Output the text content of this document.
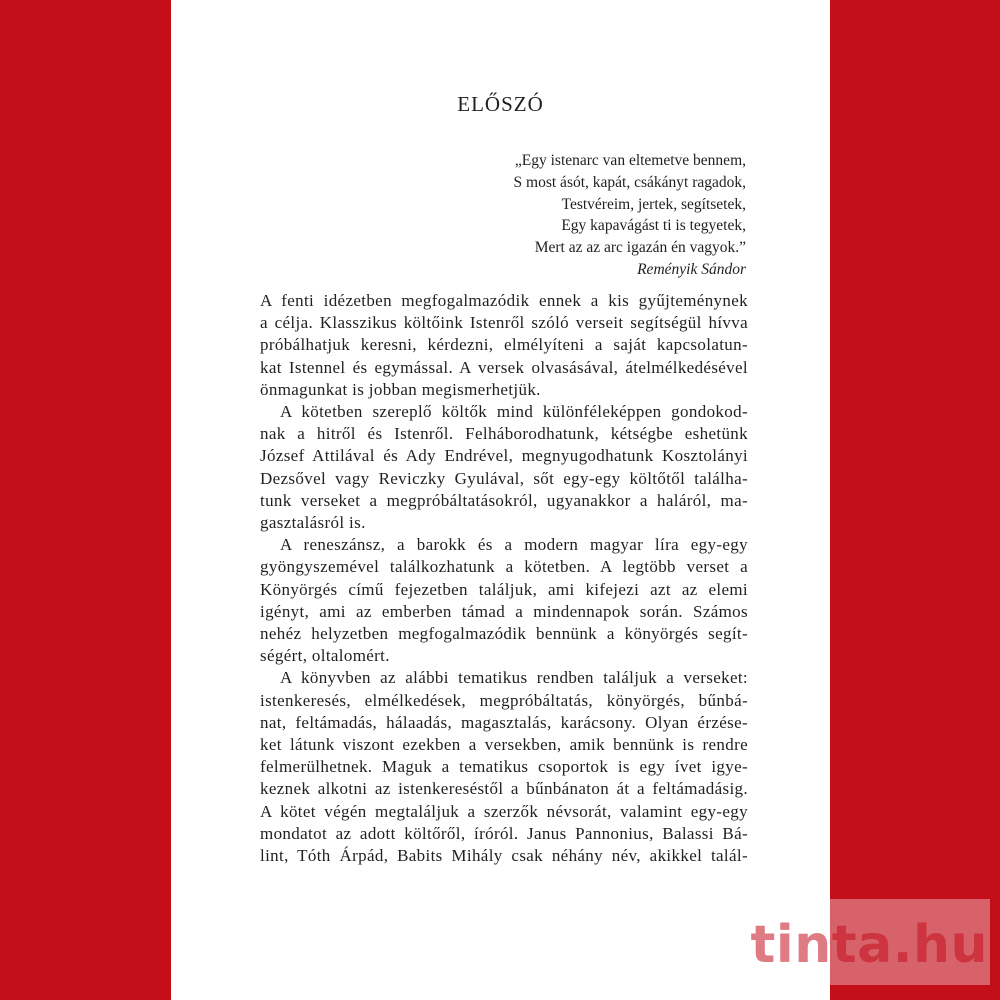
ELŐSZÓ
„Egy istenarc van eltemetve bennem,
S most ásót, kapát, csákányt ragadok,
Testvéreim, jertek, segítsetek,
Egy kapavágást ti is tegyetek,
Mert az az arc igazán én vagyok.”
Reményik Sándor
A fenti idézetben megfogalmazódik ennek a kis gyűjteménynek
a célja. Klasszikus költőink Istenről szóló verseit segítségül hívva
próbálhatjuk keresni, kérdezni, elmélyíteni a saját kapcsolatun-
kat Istennel és egymással. A versek olvasásával, átelmélkedésével
önmagunkat is jobban megismerhetjük.
A kötetben szereplő költők mind különféleképpen gondokod-
nak a hitről és Istenről. Felháborodhatunk, kétségbe eshetünk
József Attilával és Ady Endrével, megnyugodhatunk Kosztolányi
Dezsővel vagy Reviczky Gyulával, sőt egy-egy költőtől találha-
tunk verseket a megpróbáltatásokról, ugyanakkor a haláról, ma-
gasztalásról is.
A reneszánsz, a barokk és a modern magyar líra egy-egy
gyöngyszemével találkozhatunk a kötetben. A legtöbb verset a
Könyörgés című fejezetben találjuk, ami kifejezi azt az elemi
igényt, ami az emberben támad a mindennapok során. Számos
nehéz helyzetben megfogalmazódik bennünk a könyörgés segít-
ségért, oltalomért.
A könyvben az alábbi tematikus rendben találjuk a verseket:
istenkeresés, elmélkedések, megpróbáltatás, könyörgés, bűnbá-
nat, feltámadás, hálaadás, magasztalás, karácsony. Olyan érzése-
ket látunk viszont ezekben a versekben, amik bennünk is rendre
felmerülhetnek. Maguk a tematikus csoportok is egy ívet igye-
keznek alkotni az istenkereséstől a bűnbánaton át a feltámadásig.
A kötet végén megtaláljuk a szerzők névsorát, valamint egy-egy
mondatot az adott költőről, íróról. Janus Pannonius, Balassi Bá-
lint, Tóth Árpád, Babits Mihály csak néhány név, akikkel talál-
tinta.hu
